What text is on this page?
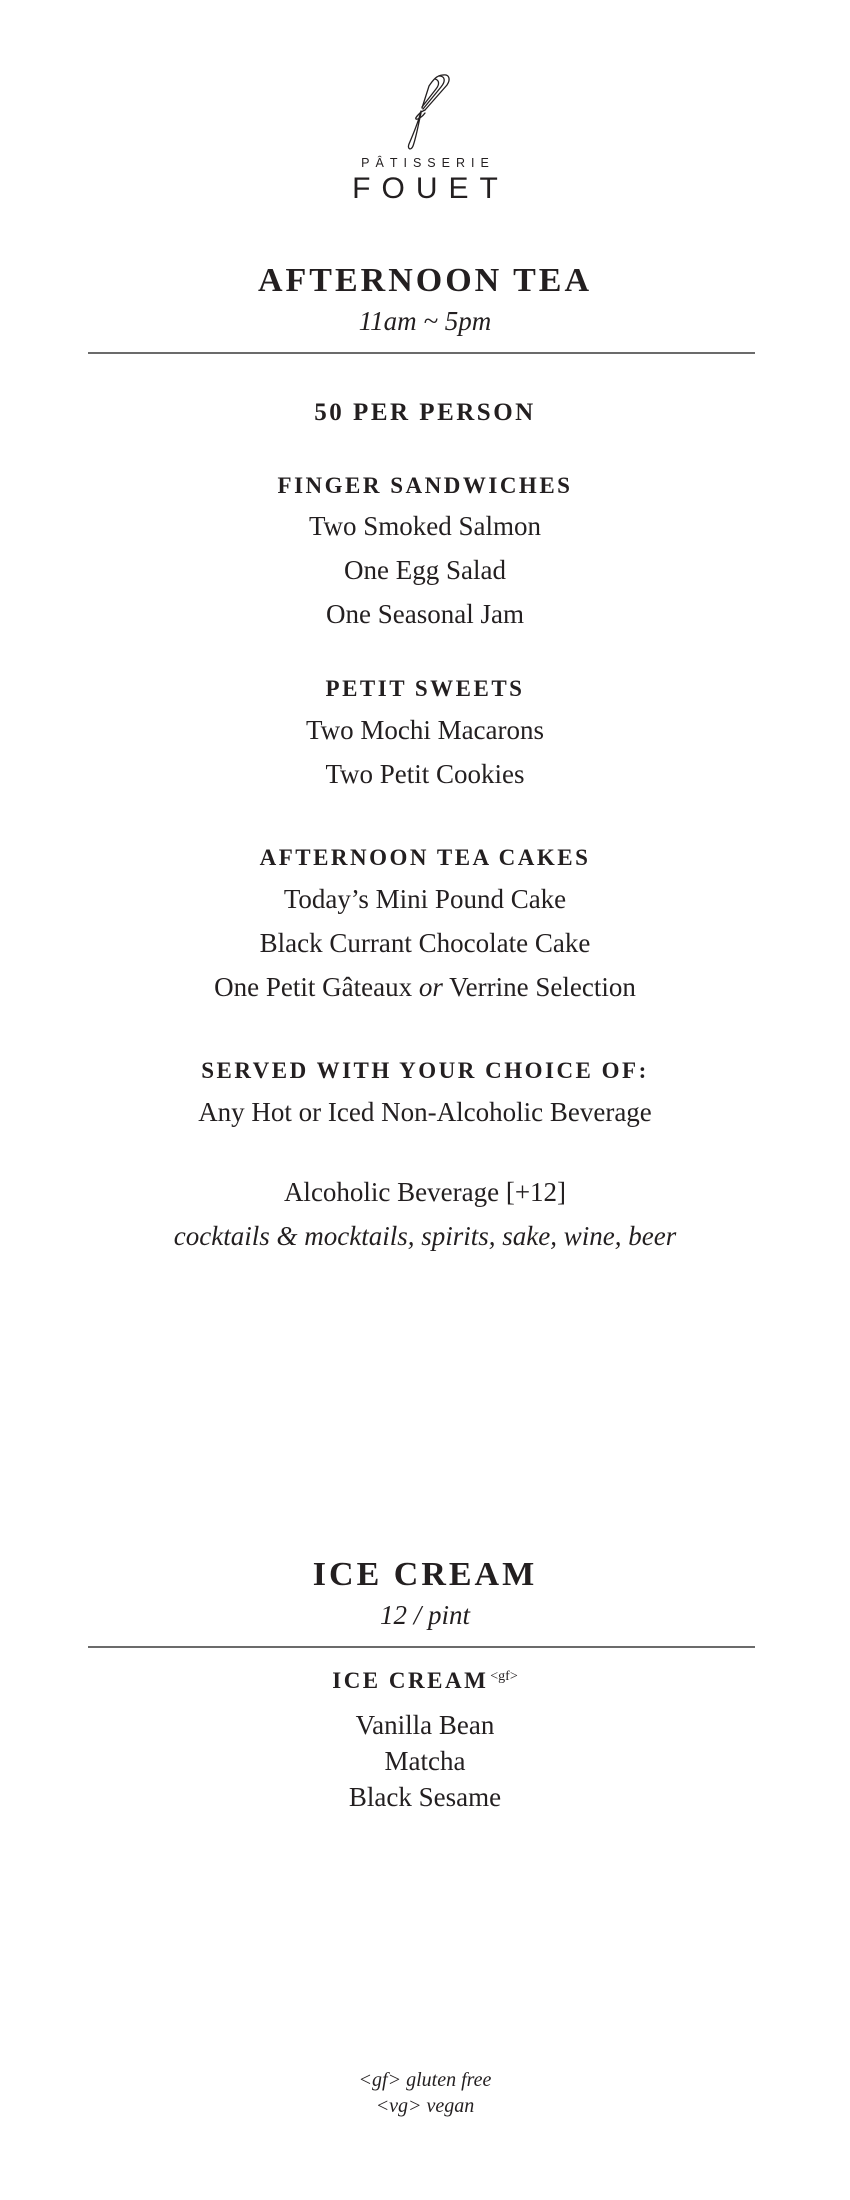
PÂTISSERIE
FOUET
AFTERNOON TEA
11am ~ 5pm
50 PER PERSON
FINGER SANDWICHES
Two Smoked Salmon
One Egg Salad
One Seasonal Jam
PETIT SWEETS
Two Mochi Macarons
Two Petit Cookies
AFTERNOON TEA CAKES
Today’s Mini Pound Cake
Black Currant Chocolate Cake
One Petit Gâteaux or Verrine Selection
SERVED WITH YOUR CHOICE OF:
Any Hot or Iced Non-Alcoholic Beverage
Alcoholic Beverage [+12]
cocktails & mocktails, spirits, sake, wine, beer
ICE CREAM
12 / pint
ICE CREAM $^{<gf>}$
Vanilla Bean
Matcha
Black Sesame
<gf> gluten free
<vg> vegan
